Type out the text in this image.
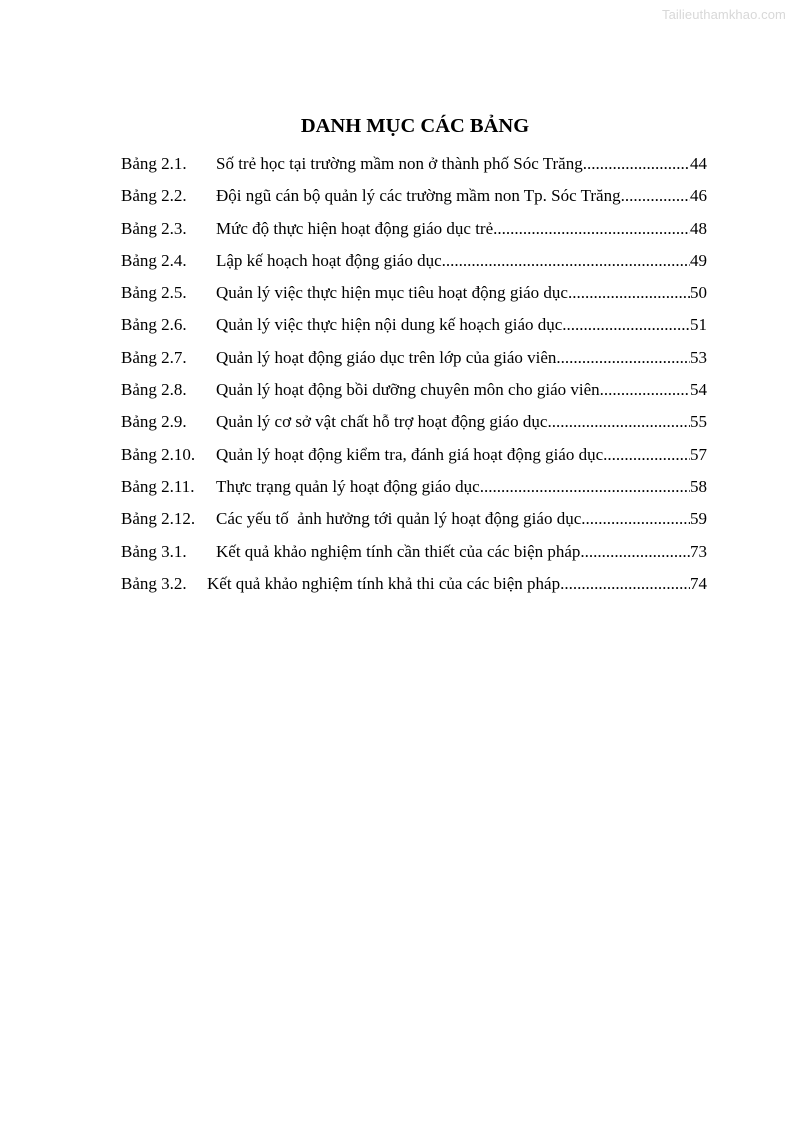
Tailieuthamkhao.com
DANH MỤC CÁC BẢNG
Bảng 2.1.	Số trẻ học tại trường mầm non ở thành phố Sóc Trăng .....	44
Bảng 2.2.	Đội ngũ cán bộ quản lý các trường mầm non Tp. Sóc Trăng .....	46
Bảng 2.3.	Mức độ thực hiện hoạt động giáo dục trẻ .....	48
Bảng 2.4.	Lập kế hoạch hoạt động giáo dục .....	49
Bảng 2.5.	Quản lý việc thực hiện mục tiêu hoạt động giáo dục .....	50
Bảng 2.6.	Quản lý việc thực hiện nội dung kế hoạch giáo dục .....	51
Bảng 2.7.	Quản lý hoạt động giáo dục trên lớp của giáo viên .....	53
Bảng 2.8.	Quản lý hoạt động bồi dưỡng chuyên môn cho giáo viên .....	54
Bảng 2.9.	Quản lý cơ sở vật chất hỗ trợ hoạt động giáo dục .....	55
Bảng 2.10.	Quản lý hoạt động kiểm tra, đánh giá hoạt động giáo dục .....	57
Bảng 2.11.	Thực trạng quản lý hoạt động giáo dục .....	58
Bảng 2.12.	Các yếu tố  ảnh hưởng tới quản lý hoạt động giáo dục .....	59
Bảng 3.1.	Kết quả khảo nghiệm tính cần thiết của các biện pháp .....	73
Bảng 3.2.	Kết quả khảo nghiệm tính khả thi của các biện pháp .....	74
